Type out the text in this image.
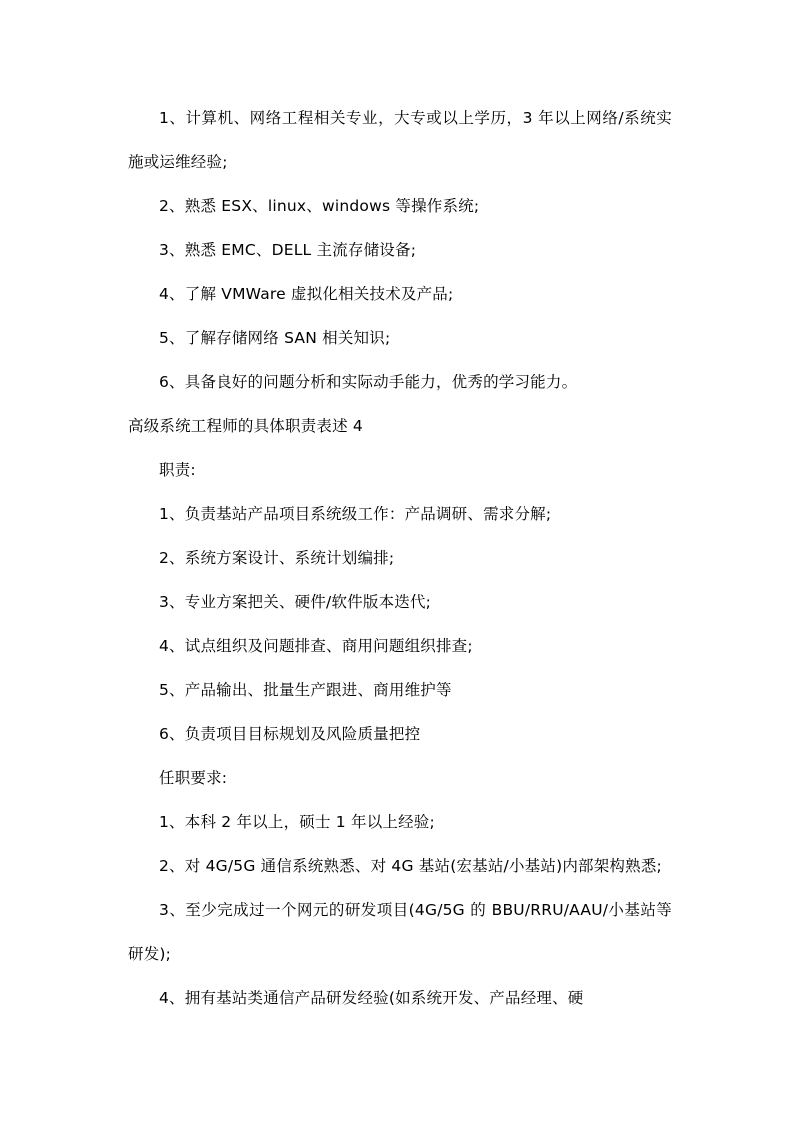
1、计算机、网络工程相关专业，大专或以上学历，3 年以上网络/系统实施或运维经验;

2、熟悉 ESX、linux、windows 等操作系统;

3、熟悉 EMC、DELL 主流存储设备;

4、了解 VMWare 虚拟化相关技术及产品;

5、了解存储网络 SAN 相关知识;

6、具备良好的问题分析和实际动手能力，优秀的学习能力。

高级系统工程师的具体职责表述 4

职责:

1、负责基站产品项目系统级工作：产品调研、需求分解;

2、系统方案设计、系统计划编排;

3、专业方案把关、硬件/软件版本迭代;

4、试点组织及问题排查、商用问题组织排查;

5、产品输出、批量生产跟进、商用维护等

6、负责项目目标规划及风险质量把控

任职要求:

1、本科 2 年以上，硕士 1 年以上经验;

2、对 4G/5G 通信系统熟悉、对 4G 基站(宏基站/小基站)内部架构熟悉;

3、至少完成过一个网元的研发项目(4G/5G 的 BBU/RRU/AAU/小基站等研发);

4、拥有基站类通信产品研发经验(如系统开发、产品经理、硬
